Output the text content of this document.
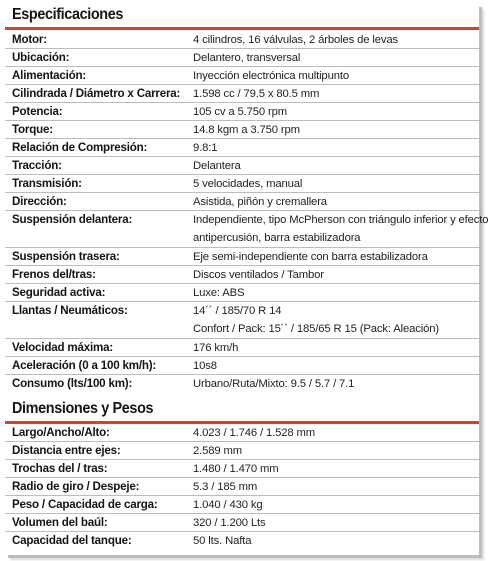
Especificaciones
Motor:	4 cilindros, 16 válvulas, 2 árboles de levas
Ubicación:	Delantero, transversal
Alimentación:	Inyección electrónica multipunto
Cilindrada / Diámetro x Carrera:	1.598 cc / 79.5 x 80.5 mm
Potencia:	105 cv a 5.750 rpm
Torque:	14.8 kgm a 3.750 rpm
Relación de Compresión:	9.8:1
Tracción:	Delantera
Transmisión:	5 velocidades, manual
Dirección:	Asistida, piñón y cremallera
Suspensión delantera:	Independiente, tipo McPherson con triángulo inferior y efecto
antipercusión, barra estabilizadora
Suspensión trasera:	Eje semi-independiente con barra estabilizadora
Frenos del/tras:	Discos ventilados / Tambor
Seguridad activa:	Luxe: ABS
Llantas / Neumáticos:	14´´ / 185/70 R 14
Confort / Pack: 15´´ / 185/65 R 15 (Pack: Aleación)
Velocidad máxima:	176 km/h
Aceleración (0 a 100 km/h):	10s8
Consumo (lts/100 km):	Urbano/Ruta/Mixto: 9.5 / 5.7 / 7.1
Dimensiones y Pesos
Largo/Ancho/Alto:	4.023 / 1.746 / 1.528 mm
Distancia entre ejes:	2.589 mm
Trochas del / tras:	1.480 / 1.470 mm
Radio de giro / Despeje:	5.3 / 185 mm
Peso / Capacidad de carga:	1.040 / 430 kg
Volumen del baúl:	320 / 1.200 Lts
Capacidad del tanque:	50 lts. Nafta
